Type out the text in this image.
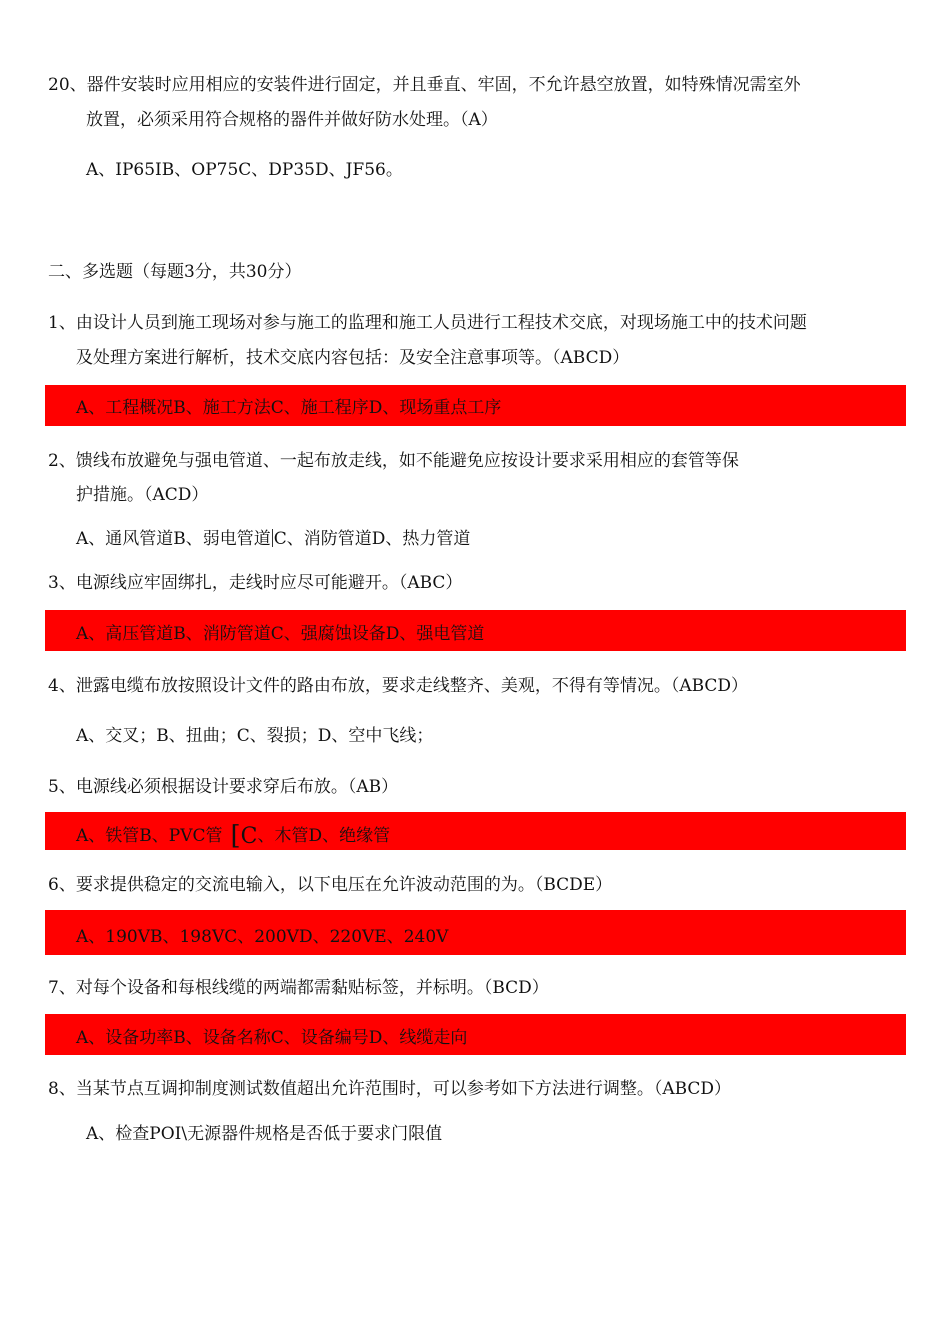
20、器件安装时应用相应的安装件进行固定，并且垂直、牢固，不允许悬空放置，如特殊情况需室外
放置，必须采用符合规格的器件并做好防水处理。（A）
A、IP65IB、OP75C、DP35D、JF56。
二、多选题（每题3分，共30分）
1、由设计人员到施工现场对参与施工的监理和施工人员进行工程技术交底，对现场施工中的技术问题
及处理方案进行解析，技术交底内容包括：及安全注意事项等。（ABCD）
A、工程概况B、施工方法C、施工程序D、现场重点工序
2、馈线布放避免与强电管道、一起布放走线，如不能避免应按设计要求采用相应的套管等保
护措施。（ACD）
A、通风管道B、弱电管道 C、消防管道D、热力管道
3、电源线应牢固绑扎，走线时应尽可能避开。（ABC）
A、高压管道B、消防管道C、强腐蚀设备D、强电管道
4、泄露电缆布放按照设计文件的路由布放，要求走线整齐、美观，不得有等情况。（ABCD）
A、交叉；B、扭曲；C、裂损；D、空中飞线；
5、电源线必须根据设计要求穿后布放。（AB）
A、铁管B、PVC管 [C、木管D、绝缘管
6、要求提供稳定的交流电输入，以下电压在允许波动范围的为。（BCDE）
A、190VB、198VC、200VD、220VE、240V
7、对每个设备和每根线缆的两端都需黏贴标签，并标明。（BCD）
A、设备功率B、设备名称C、设备编号D、线缆走向
8、当某节点互调抑制度测试数值超出允许范围时，可以参考如下方法进行调整。（ABCD）
A、检查POI\无源器件规格是否低于要求门限值
